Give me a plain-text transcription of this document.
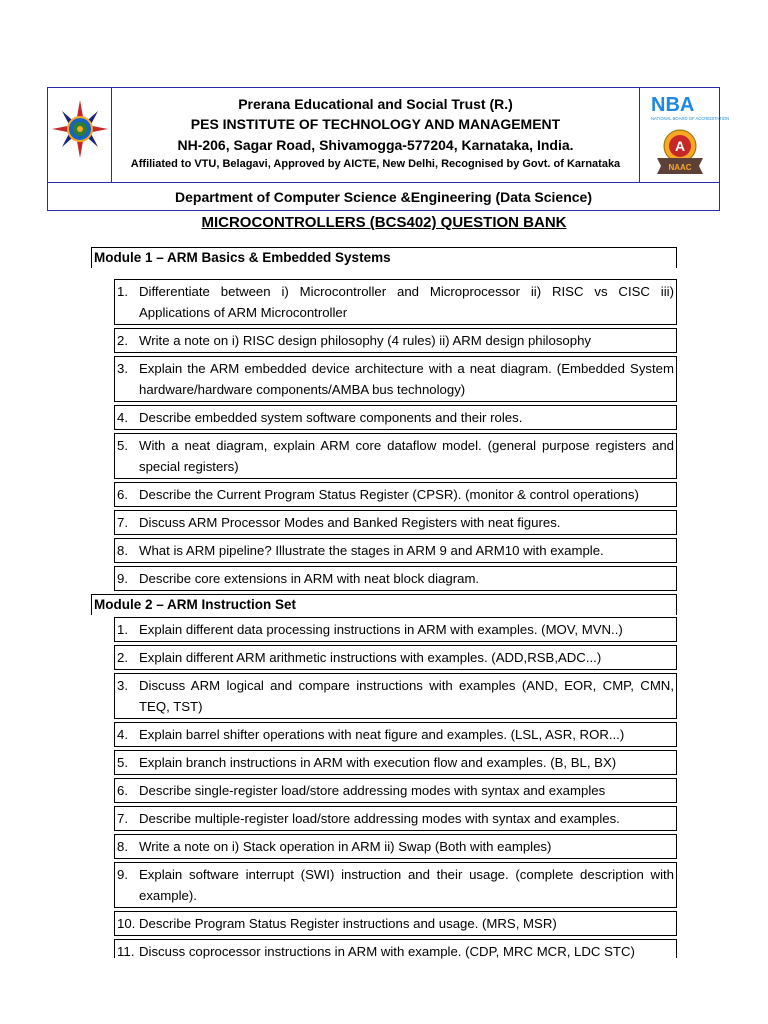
Prerana Educational and Social Trust (R.)
PES INSTITUTE OF TECHNOLOGY AND MANAGEMENT
NH-206, Sagar Road, Shivamogga-577204, Karnataka, India.
Affiliated to VTU, Belagavi, Approved by AICTE, New Delhi, Recognised by Govt. of Karnataka
NBA
NATIONAL BOARD OF ACCREDITATION
A
NAAC
Department of Computer Science &Engineering (Data Science)
MICROCONTROLLERS (BCS402) QUESTION BANK
Module 1 – ARM Basics & Embedded Systems
1. Differentiate between i) Microcontroller and Microprocessor ii) RISC vs CISC iii) Applications of ARM Microcontroller
2. Write a note on i) RISC design philosophy (4 rules) ii) ARM design philosophy
3. Explain the ARM embedded device architecture with a neat diagram. (Embedded System hardware/hardware components/AMBA bus technology)
4. Describe embedded system software components and their roles.
5. With a neat diagram, explain ARM core dataflow model. (general purpose registers and special registers)
6. Describe the Current Program Status Register (CPSR). (monitor & control operations)
7. Discuss ARM Processor Modes and Banked Registers with neat figures.
8. What is ARM pipeline? Illustrate the stages in ARM 9 and ARM10 with example.
9. Describe core extensions in ARM with neat block diagram.
Module 2 – ARM Instruction Set
1. Explain different data processing instructions in ARM with examples. (MOV, MVN..)
2. Explain different ARM arithmetic instructions with examples. (ADD,RSB,ADC...)
3. Discuss ARM logical and compare instructions with examples (AND, EOR, CMP, CMN, TEQ, TST)
4. Explain barrel shifter operations with neat figure and examples. (LSL, ASR, ROR...)
5. Explain branch instructions in ARM with execution flow and examples. (B, BL, BX)
6. Describe single-register load/store addressing modes with syntax and examples
7. Describe multiple-register load/store addressing modes with syntax and examples.
8. Write a note on i) Stack operation in ARM ii) Swap (Both with eamples)
9. Explain software interrupt (SWI) instruction and their usage. (complete description with example).
10. Describe Program Status Register instructions and usage. (MRS, MSR)
11. Discuss coprocessor instructions in ARM with example. (CDP, MRC MCR, LDC STC)
